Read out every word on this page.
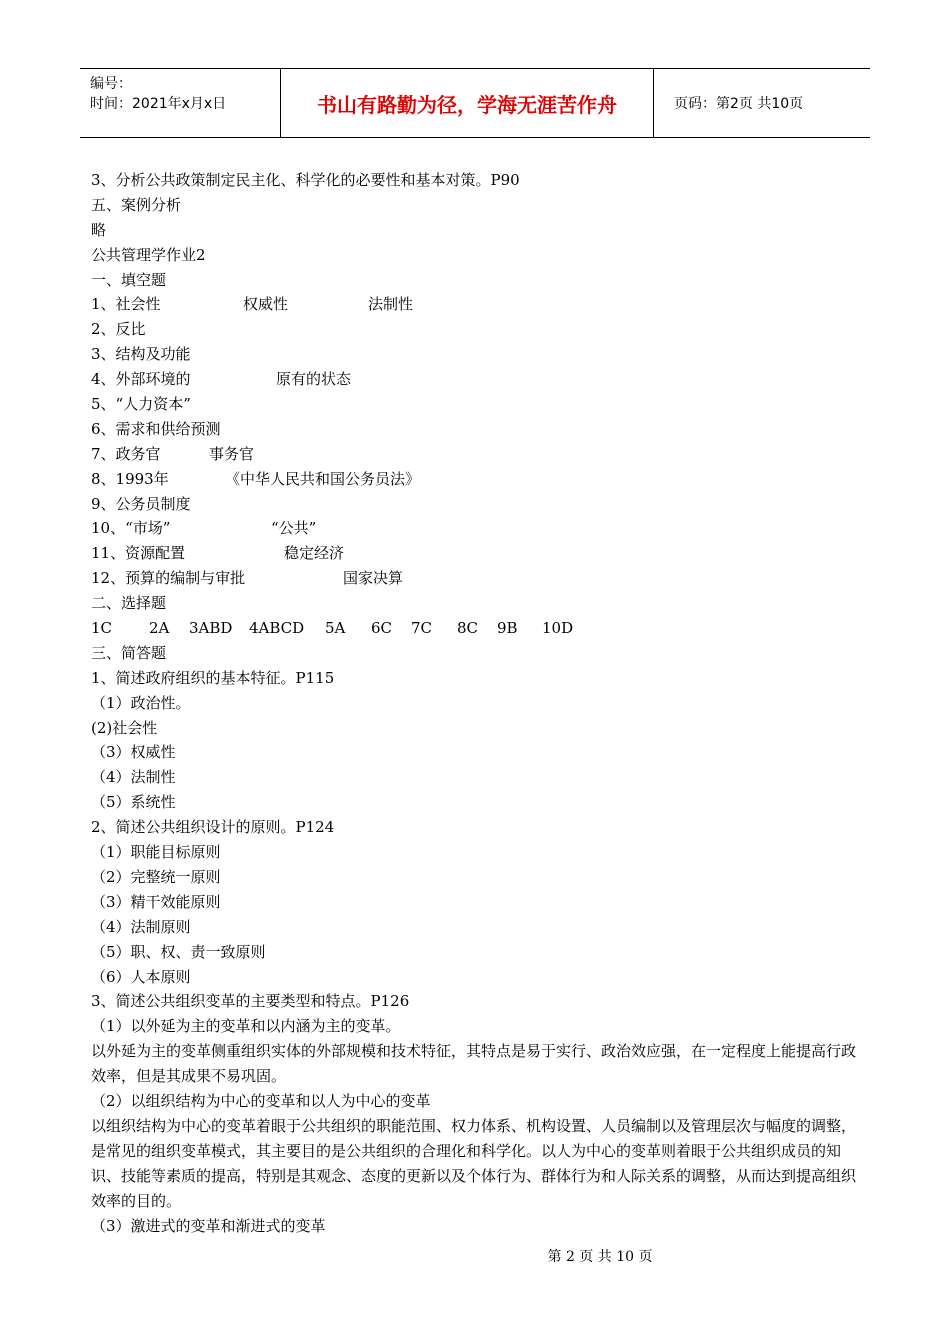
编号：
时间：2021年x月x日	书山有路勤为径，学海无涯苦作舟	页码：第2页 共10页
3、分析公共政策制定民主化、科学化的必要性和基本对策。P90
五、案例分析
略
公共管理学作业2
一、填空题
1、社会性	权威性	法制性
2、反比
3、结构及功能
4、外部环境的	原有的状态
5、“人力资本”
6、需求和供给预测
7、政务官	事务官
8、1993年	《中华人民共和国公务员法》
9、公务员制度
10、“市场”	“公共”
11、资源配置	稳定经济
12、预算的编制与审批	国家决算
二、选择题
1C 2A 3ABD 4ABCD 5A 6C 7C 8C 9B 10D
三、简答题
1、简述政府组织的基本特征。P115
（1）政治性。
(2)社会性
（3）权威性
（4）法制性
（5）系统性
2、简述公共组织设计的原则。P124
（1）职能目标原则
（2）完整统一原则
（3）精干效能原则
（4）法制原则
（5）职、权、责一致原则
（6）人本原则
3、简述公共组织变革的主要类型和特点。P126
（1）以外延为主的变革和以内涵为主的变革。
以外延为主的变革侧重组织实体的外部规模和技术特征，其特点是易于实行、政治效应强，在一定程度上能提高行政效率，但是其成果不易巩固。
（2）以组织结构为中心的变革和以人为中心的变革
以组织结构为中心的变革着眼于公共组织的职能范围、权力体系、机构设置、人员编制以及管理层次与幅度的调整，是常见的组织变革模式，其主要目的是公共组织的合理化和科学化。以人为中心的变革则着眼于公共组织成员的知识、技能等素质的提高，特别是其观念、态度的更新以及个体行为、群体行为和人际关系的调整，从而达到提高组织效率的目的。
（3）激进式的变革和渐进式的变革
第 2 页 共 10 页
